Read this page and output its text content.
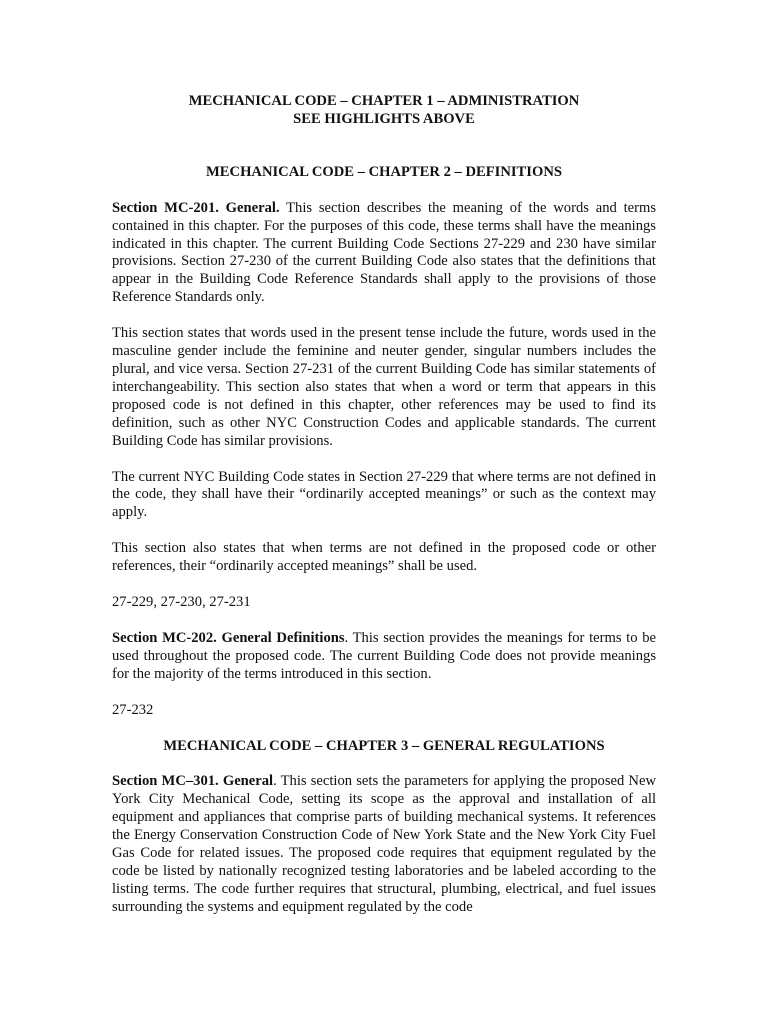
MECHANICAL CODE – CHAPTER 1 – ADMINISTRATION
SEE HIGHLIGHTS ABOVE
MECHANICAL CODE – CHAPTER 2 – DEFINITIONS

Section MC-201. General. This section describes the meaning of the words and terms contained in this chapter. For the purposes of this code, these terms shall have the meanings indicated in this chapter. The current Building Code Sections 27-229 and 230 have similar provisions. Section 27-230 of the current Building Code also states that the definitions that appear in the Building Code Reference Standards shall apply to the provisions of those Reference Standards only.

This section states that words used in the present tense include the future, words used in the masculine gender include the feminine and neuter gender, singular numbers includes the plural, and vice versa. Section 27-231 of the current Building Code has similar statements of interchangeability. This section also states that when a word or term that appears in this proposed code is not defined in this chapter, other references may be used to find its definition, such as other NYC Construction Codes and applicable standards. The current Building Code has similar provisions.

The current NYC Building Code states in Section 27-229 that where terms are not defined in the code, they shall have their “ordinarily accepted meanings” or such as the context may apply.

This section also states that when terms are not defined in the proposed code or other references, their “ordinarily accepted meanings” shall be used.

27-229, 27-230, 27-231

Section MC-202. General Definitions. This section provides the meanings for terms to be used throughout the proposed code. The current Building Code does not provide meanings for the majority of the terms introduced in this section.

27-232

MECHANICAL CODE – CHAPTER 3 – GENERAL REGULATIONS

Section MC–301. General. This section sets the parameters for applying the proposed New York City Mechanical Code, setting its scope as the approval and installation of all equipment and appliances that comprise parts of building mechanical systems. It references the Energy Conservation Construction Code of New York State and the New York City Fuel Gas Code for related issues. The proposed code requires that equipment regulated by the code be listed by nationally recognized testing laboratories and be labeled according to the listing terms. The code further requires that structural, plumbing, electrical, and fuel issues surrounding the systems and equipment regulated by the code
